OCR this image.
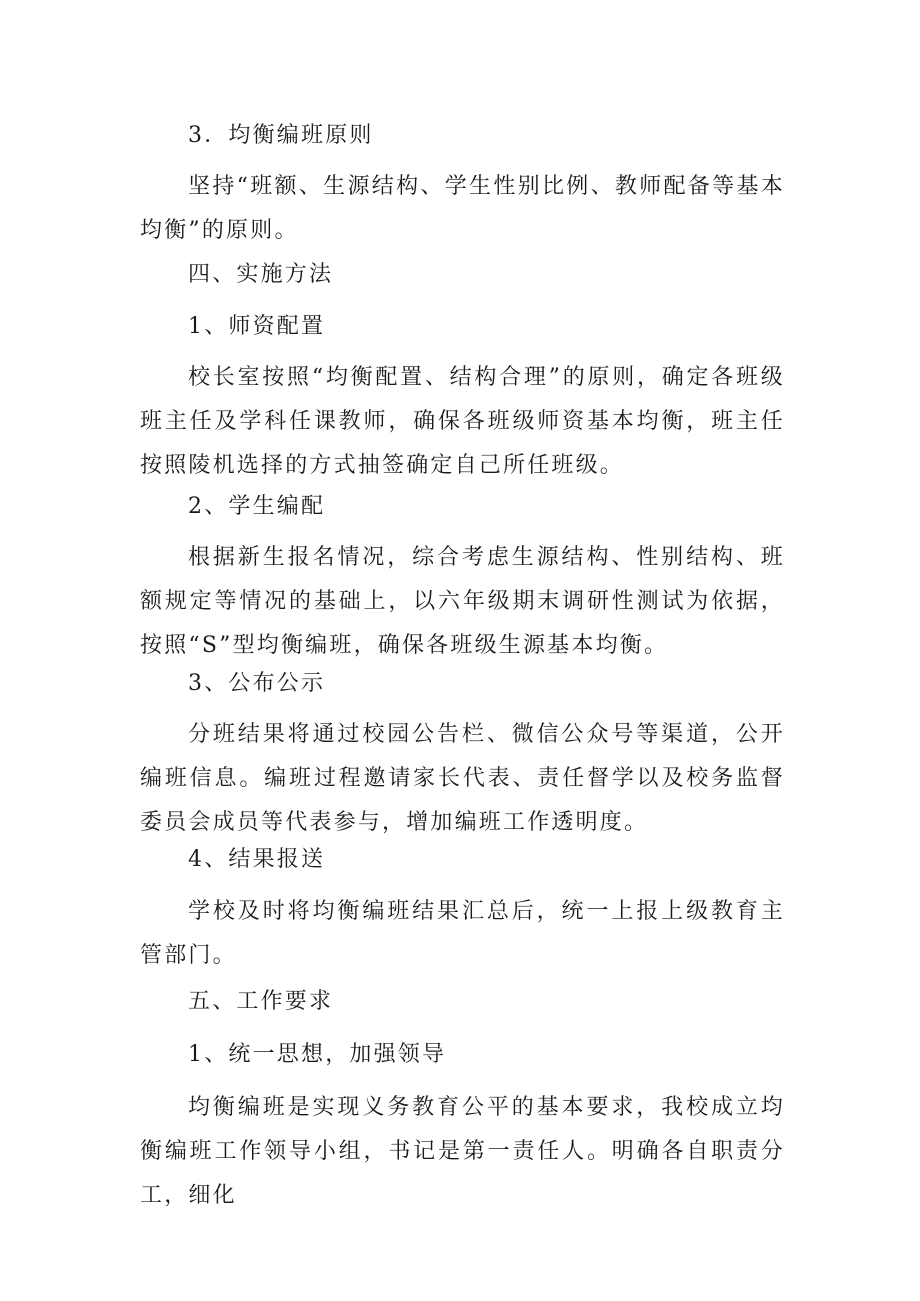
3．均衡编班原则

坚持“班额、生源结构、学生性别比例、教师配备等基本均衡”的原则。

四、实施方法

1、师资配置

校长室按照“均衡配置、结构合理”的原则，确定各班级班主任及学科任课教师，确保各班级师资基本均衡，班主任按照陵机选择的方式抽签确定自己所任班级。

2、学生编配

根据新生报名情况，综合考虑生源结构、性别结构、班额规定等情况的基础上，以六年级期末调研性测试为依据，按照“S”型均衡编班，确保各班级生源基本均衡。

3、公布公示

分班结果将通过校园公告栏、微信公众号等渠道，公开编班信息。编班过程邀请家长代表、责任督学以及校务监督委员会成员等代表参与，增加编班工作透明度。

4、结果报送

学校及时将均衡编班结果汇总后，统一上报上级教育主管部门。

五、工作要求

1、统一思想，加强领导

均衡编班是实现义务教育公平的基本要求，我校成立均衡编班工作领导小组，书记是第一责任人。明确各自职责分工，细化
